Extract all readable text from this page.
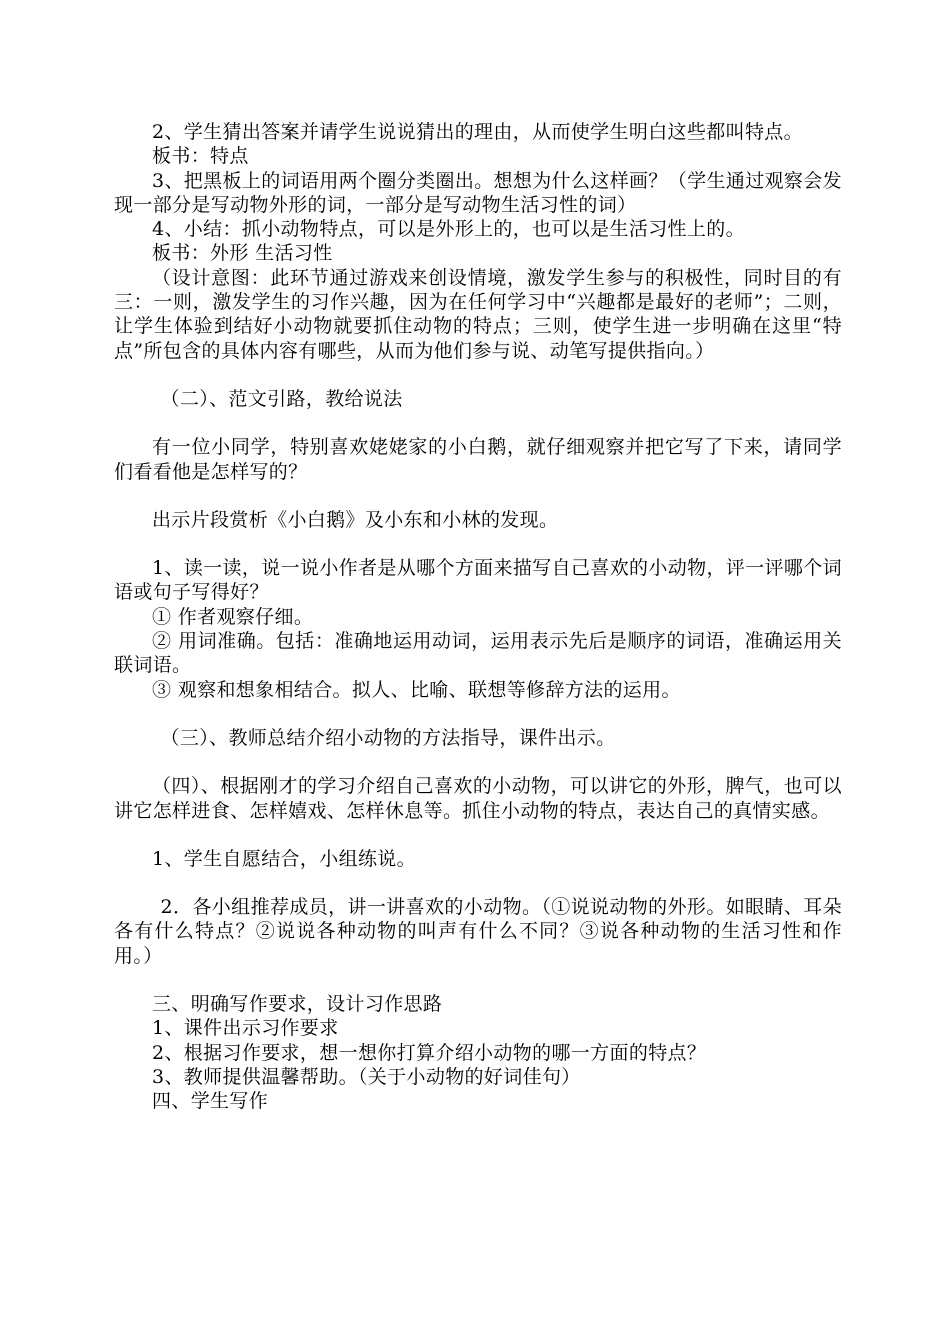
2、学生猜出答案并请学生说说猜出的理由，从而使学生明白这些都叫特点。

板书：特点

3、把黑板上的词语用两个圈分类圈出。想想为什么这样画？（学生通过观察会发现一部分是写动物外形的词，一部分是写动物生活习性的词）

4、小结：抓小动物特点，可以是外形上的，也可以是生活习性上的。

板书：外形 生活习性

（设计意图：此环节通过游戏来创设情境，激发学生参与的积极性，同时目的有三：一则，激发学生的习作兴趣，因为在任何学习中“兴趣都是最好的老师”；二则，让学生体验到结好小动物就要抓住动物的特点；三则，使学生进一步明确在这里“特点”所包含的具体内容有哪些，从而为他们参与说、动笔写提供指向。）

（二）、范文引路，教给说法

有一位小同学，特别喜欢姥姥家的小白鹅，就仔细观察并把它写了下来，请同学们看看他是怎样写的？

出示片段赏析《小白鹅》及小东和小林的发现。

1、读一读，说一说小作者是从哪个方面来描写自己喜欢的小动物，评一评哪个词语或句子写得好？

① 作者观察仔细。

② 用词准确。包括：准确地运用动词，运用表示先后是顺序的词语，准确运用关联词语。

③ 观察和想象相结合。拟人、比喻、联想等修辞方法的运用。

（三）、教师总结介绍小动物的方法指导，课件出示。

（四）、根据刚才的学习介绍自己喜欢的小动物，可以讲它的外形，脾气，也可以讲它怎样进食、怎样嬉戏、怎样休息等。抓住小动物的特点，表达自己的真情实感。

1、学生自愿结合，小组练说。

2．各小组推荐成员，讲一讲喜欢的小动物。（①说说动物的外形。如眼睛、耳朵各有什么特点？②说说各种动物的叫声有什么不同？③说各种动物的生活习性和作用。）

三、明确写作要求，设计习作思路

1、课件出示习作要求

2、根据习作要求，想一想你打算介绍小动物的哪一方面的特点？

3、教师提供温馨帮助。（关于小动物的好词佳句）

四、学生写作
